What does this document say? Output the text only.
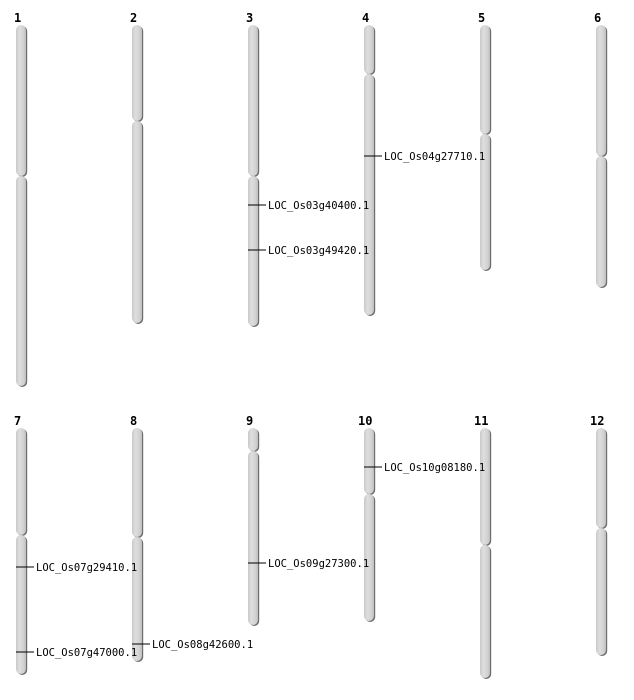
1	2	3	4	5	6
7	8	9	10	11	12
LOC_Os03g40400.1
LOC_Os03g49420.1
LOC_Os04g27710.1
LOC_Os07g29410.1
LOC_Os07g47000.1
LOC_Os08g42600.1
LOC_Os09g27300.1
LOC_Os10g08180.1
